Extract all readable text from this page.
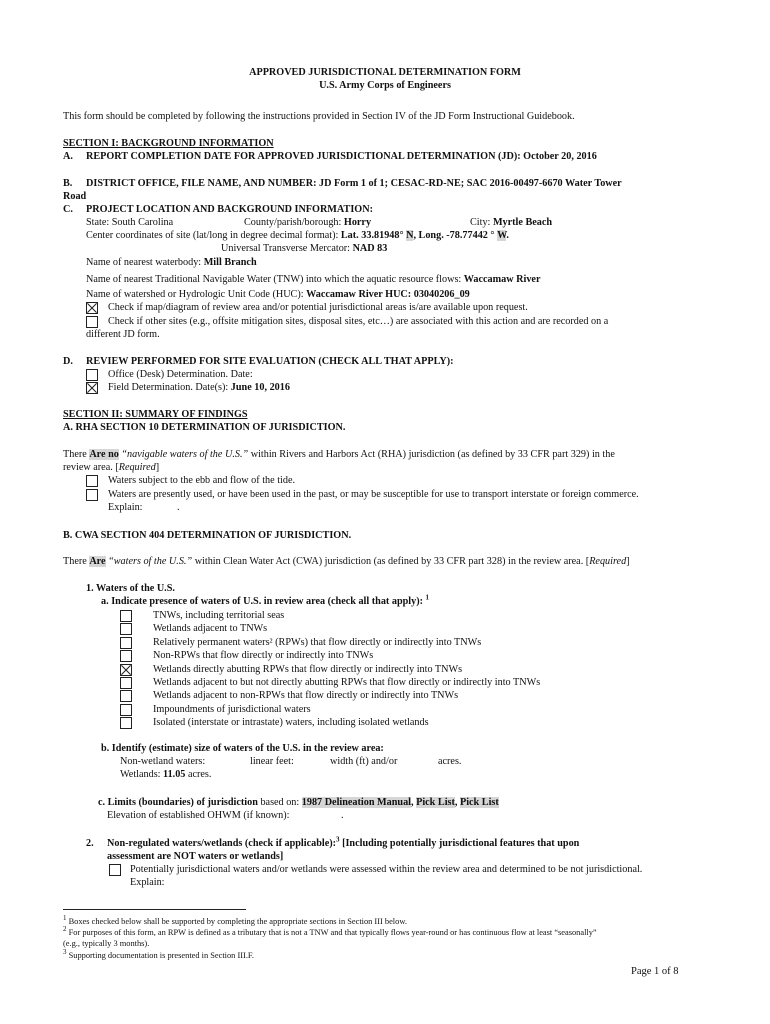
APPROVED JURISDICTIONAL DETERMINATION FORM
U.S. Army Corps of Engineers
This form should be completed by following the instructions provided in Section IV of the JD Form Instructional Guidebook.
SECTION I: BACKGROUND INFORMATION
A. REPORT COMPLETION DATE FOR APPROVED JURISDICTIONAL DETERMINATION (JD): October 20, 2016
B. DISTRICT OFFICE, FILE NAME, AND NUMBER: JD Form 1 of 1; CESAC-RD-NE; SAC 2016-00497-6670 Water Tower
Road
C. PROJECT LOCATION AND BACKGROUND INFORMATION:
State: South Carolina	County/parish/borough: Horry	City: Myrtle Beach
Center coordinates of site (lat/long in degree decimal format): Lat. 33.81948° N, Long. -78.77442 ° W.
Universal Transverse Mercator: NAD 83
Name of nearest waterbody: Mill Branch
Name of nearest Traditional Navigable Water (TNW) into which the aquatic resource flows: Waccamaw River
Name of watershed or Hydrologic Unit Code (HUC): Waccamaw River HUC: 03040206_09
Check if map/diagram of review area and/or potential jurisdictional areas is/are available upon request.
Check if other sites (e.g., offsite mitigation sites, disposal sites, etc…) are associated with this action and are recorded on a
different JD form.
D. REVIEW PERFORMED FOR SITE EVALUATION (CHECK ALL THAT APPLY):
Office (Desk) Determination. Date:
Field Determination. Date(s): June 10, 2016
SECTION II: SUMMARY OF FINDINGS
A. RHA SECTION 10 DETERMINATION OF JURISDICTION.
There Are no “navigable waters of the U.S.” within Rivers and Harbors Act (RHA) jurisdiction (as defined by 33 CFR part 329) in the
review area. [Required]
Waters subject to the ebb and flow of the tide.
Waters are presently used, or have been used in the past, or may be susceptible for use to transport interstate or foreign commerce.
Explain:	.
B. CWA SECTION 404 DETERMINATION OF JURISDICTION.
There Are “waters of the U.S.” within Clean Water Act (CWA) jurisdiction (as defined by 33 CFR part 328) in the review area. [Required]
1. Waters of the U.S.
a. Indicate presence of waters of U.S. in review area (check all that apply): $^1$
TNWs, including territorial seas
Wetlands adjacent to TNWs
Relatively permanent waters² (RPWs) that flow directly or indirectly into TNWs
Non-RPWs that flow directly or indirectly into TNWs
Wetlands directly abutting RPWs that flow directly or indirectly into TNWs
Wetlands adjacent to but not directly abutting RPWs that flow directly or indirectly into TNWs
Wetlands adjacent to non-RPWs that flow directly or indirectly into TNWs
Impoundments of jurisdictional waters
Isolated (interstate or intrastate) waters, including isolated wetlands
b. Identify (estimate) size of waters of the U.S. in the review area:
Non-wetland waters:	linear feet:	width (ft) and/or	acres.
Wetlands: 11.05 acres.
c. Limits (boundaries) of jurisdiction based on: 1987 Delineation Manual, Pick List, Pick List
Elevation of established OHWM (if known):	.
2. Non-regulated waters/wetlands (check if applicable):$^3$ [Including potentially jurisdictional features that upon
assessment are NOT waters or wetlands]
Potentially jurisdictional waters and/or wetlands were assessed within the review area and determined to be not jurisdictional.
Explain:
$^1$ Boxes checked below shall be supported by completing the appropriate sections in Section III below.
$^2$ For purposes of this form, an RPW is defined as a tributary that is not a TNW and that typically flows year-round or has continuous flow at least “seasonally”
(e.g., typically 3 months).
$^3$ Supporting documentation is presented in Section III.F.
Page 1 of 8
